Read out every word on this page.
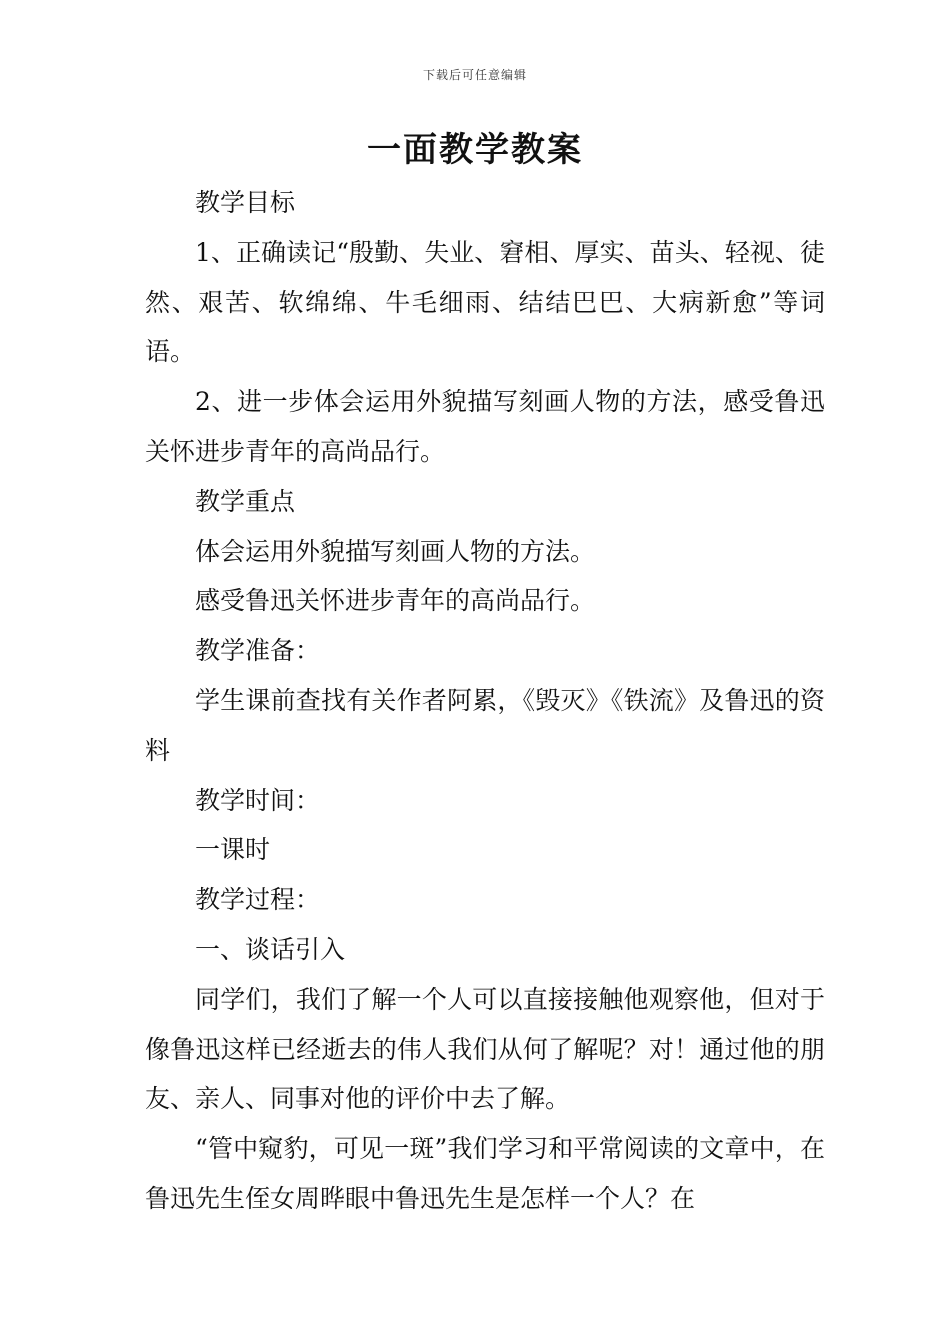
下载后可任意编辑
一面教学教案

教学目标

1、正确读记“殷勤、失业、窘相、厚实、苗头、轻视、徒然、艰苦、软绵绵、牛毛细雨、结结巴巴、大病新愈”等词语。

2、进一步体会运用外貌描写刻画人物的方法，感受鲁迅关怀进步青年的高尚品行。

教学重点

体会运用外貌描写刻画人物的方法。

感受鲁迅关怀进步青年的高尚品行。

教学准备：

学生课前查找有关作者阿累，《毁灭》《铁流》及鲁迅的资料

教学时间：

一课时

教学过程：

一、谈话引入

同学们，我们了解一个人可以直接接触他观察他，但对于像鲁迅这样已经逝去的伟人我们从何了解呢？对！通过他的朋友、亲人、同事对他的评价中去了解。

“管中窥豹，可见一斑”我们学习和平常阅读的文章中，在鲁迅先生侄女周晔眼中鲁迅先生是怎样一个人？在
